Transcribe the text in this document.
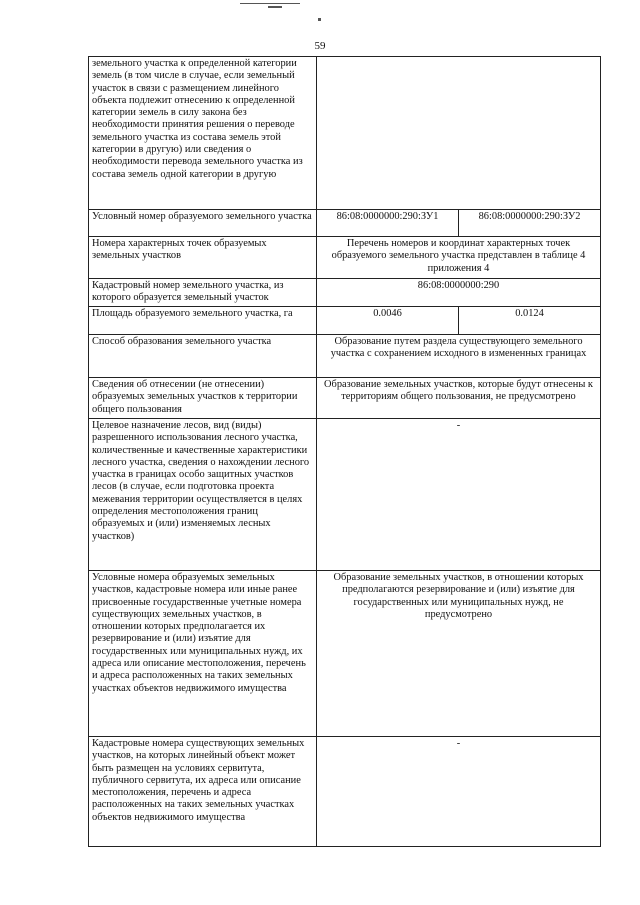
59
земельного участка к определенной категории земель (в том числе в случае, если земельный участок в связи с размещением линейного объекта подлежит отнесению к определенной категории земель в силу закона без необходимости принятия решения о переводе земельного участка из состава земель этой категории в другую) или сведения о необходимости перевода земельного участка из состава земель одной категории в другую		
Условный номер образуемого земельного участка	86:08:0000000:290:ЗУ1	86:08:0000000:290:ЗУ2
Номера характерных точек образуемых земельных участков	Перечень номеров и координат характерных точек образуемого земельного участка представлен в таблице 4 приложения 4	
Кадастровый номер земельного участка, из которого образуется земельный участок	86:08:0000000:290	
Площадь образуемого земельного участка, га	0.0046	0.0124
Способ образования земельного участка	Образование путем раздела существующего земельного участка с сохранением исходного в измененных границах	
Сведения об отнесении (не отнесении) образуемых земельных участков к территории общего пользования	Образование земельных участков, которые будут отнесены к территориям общего пользования, не предусмотрено	
Целевое назначение лесов, вид (виды) разрешенного использования лесного участка, количественные и качественные характеристики лесного участка, сведения о нахождении лесного участка в границах особо защитных участков лесов (в случае, если подготовка проекта межевания территории осуществляется в целях определения местоположения границ образуемых и (или) изменяемых лесных участков)	-	
Условные номера образуемых земельных участков, кадастровые номера или иные ранее присвоенные государственные учетные номера существующих земельных участков, в отношении которых предполагается их резервирование и (или) изъятие для государственных или муниципальных нужд, их адреса или описание местоположения, перечень и адреса расположенных на таких земельных участках объектов недвижимого имущества	Образование земельных участков, в отношении которых предполагаются резервирование и (или) изъятие для государственных или муниципальных нужд, не предусмотрено	
Кадастровые номера существующих земельных участков, на которых линейный объект может быть размещен на условиях сервитута, публичного сервитута, их адреса или описание местоположения, перечень и адреса расположенных на таких земельных участках объектов недвижимого имущества	-	
